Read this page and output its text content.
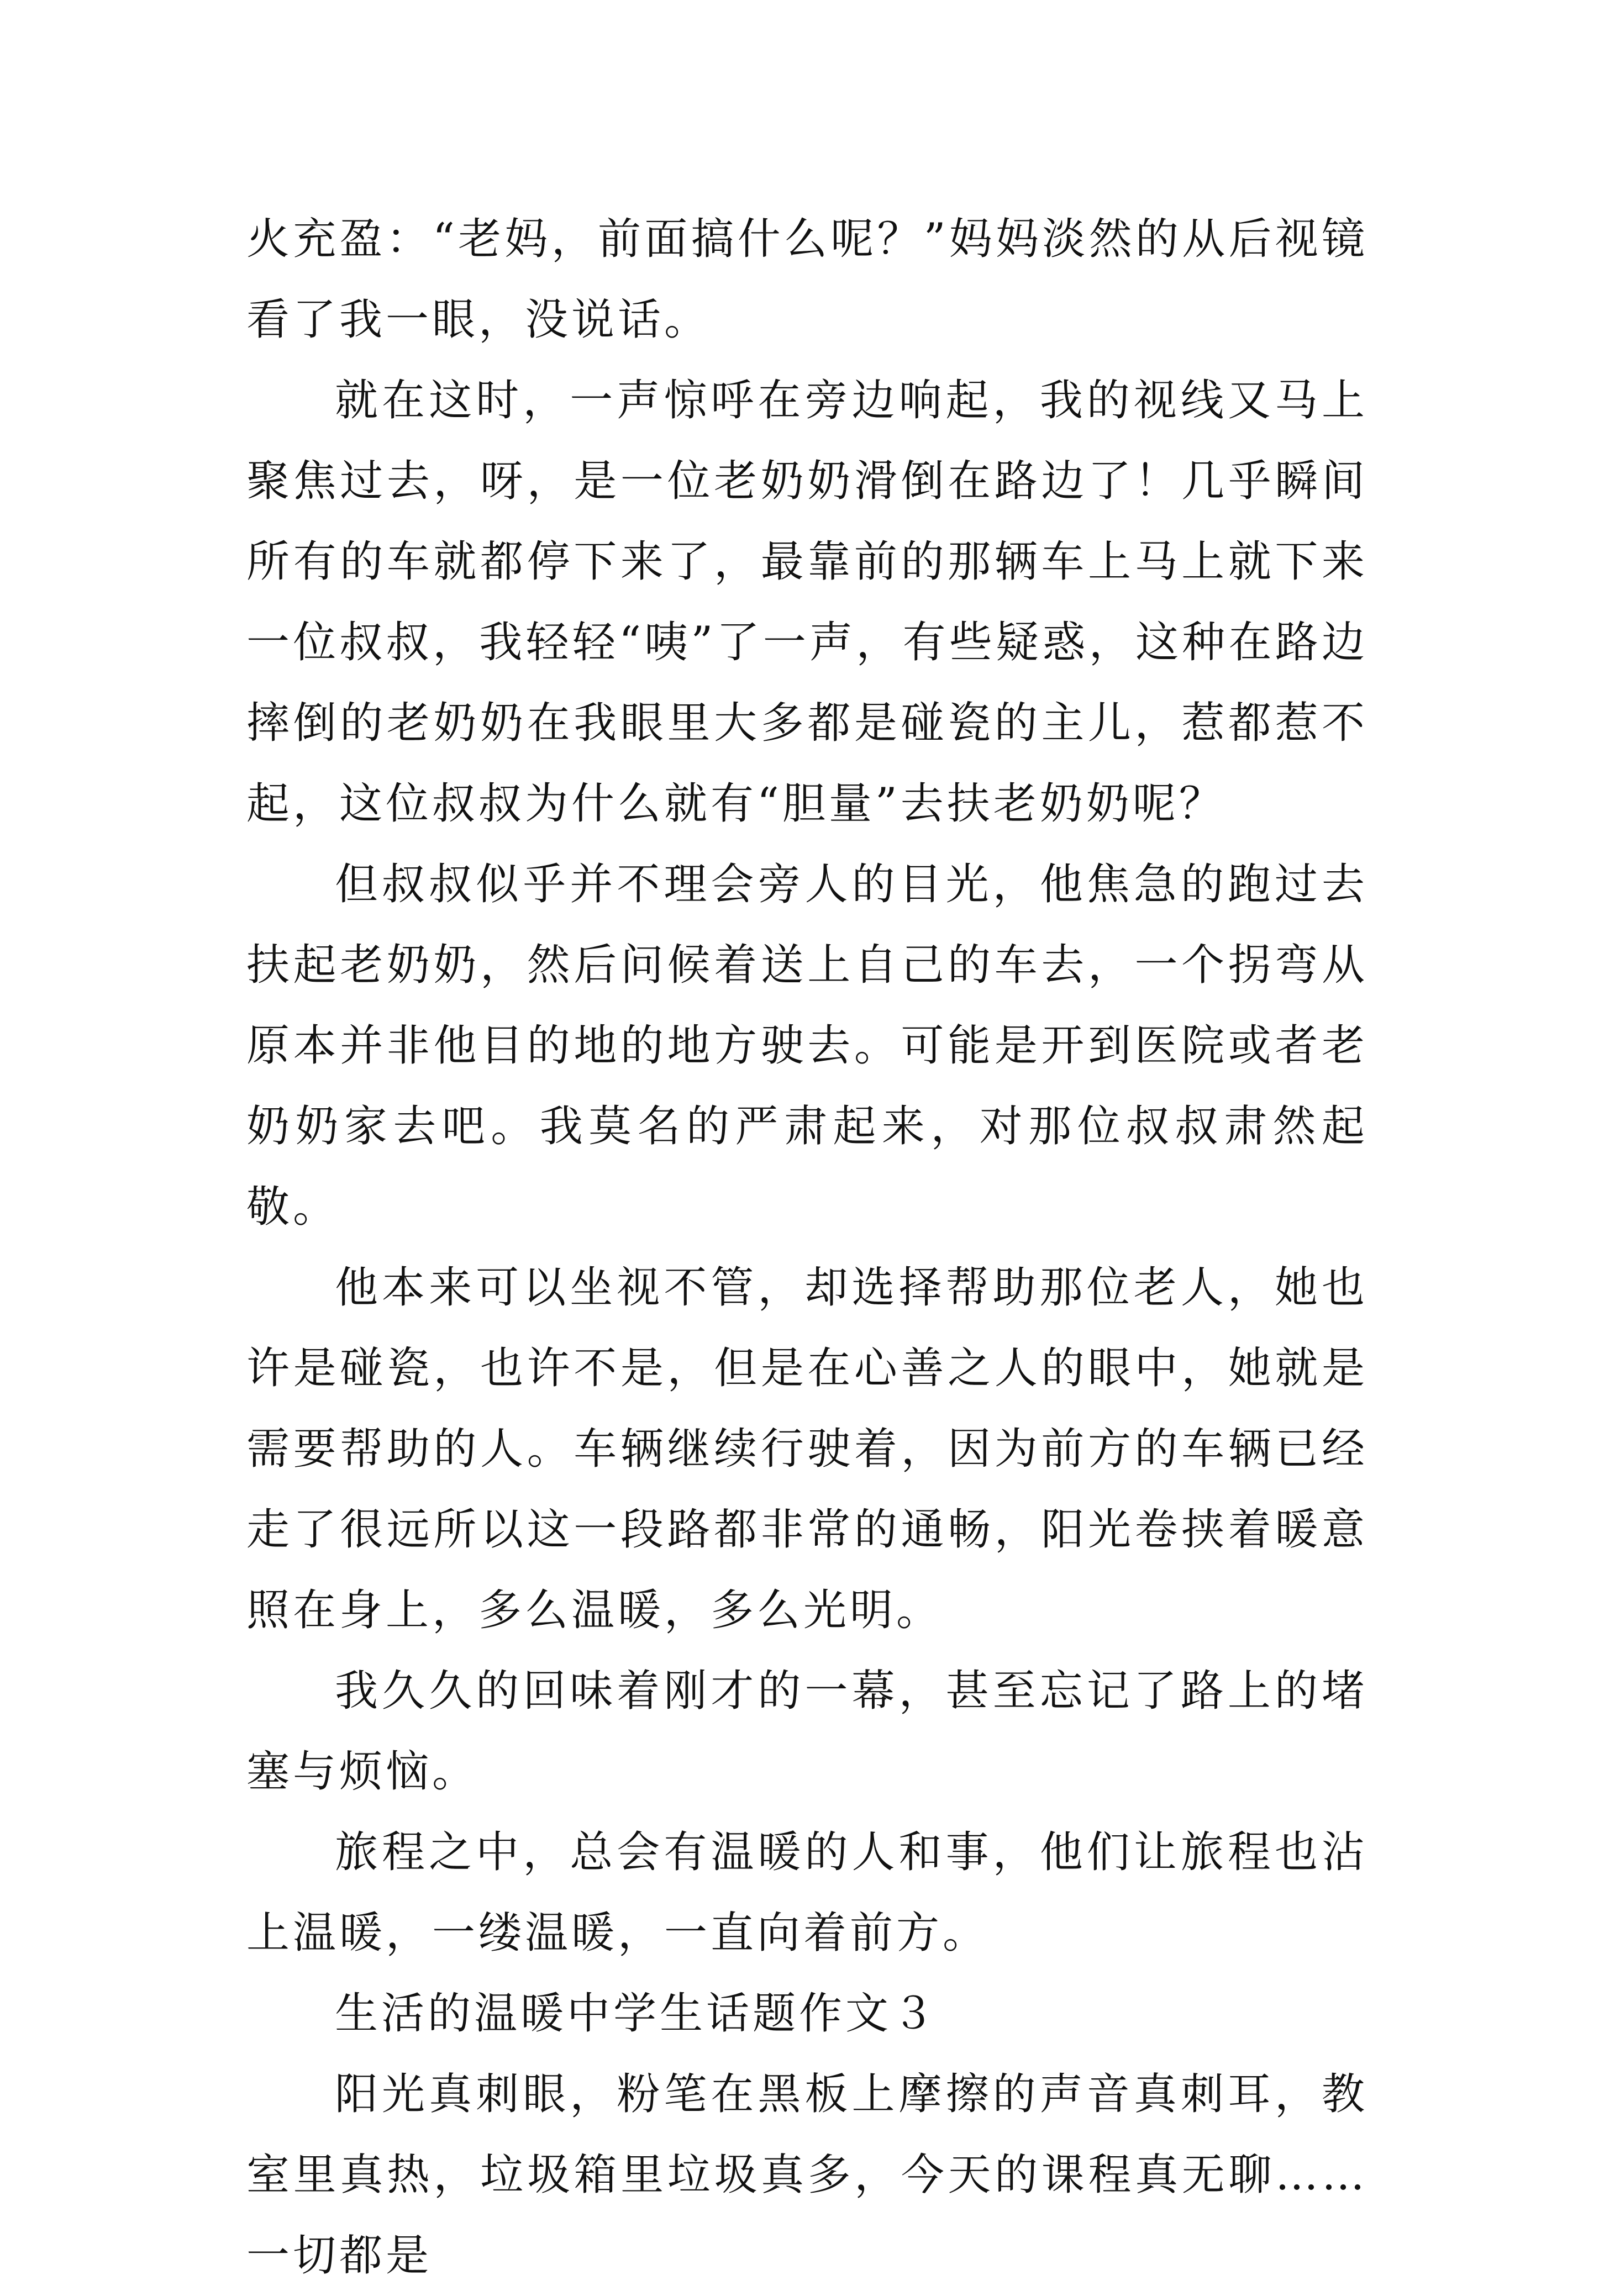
火充盈：“老妈，前面搞什么呢？”妈妈淡然的从后视镜看了我一眼，没说话。

就在这时，一声惊呼在旁边响起，我的视线又马上聚焦过去，呀，是一位老奶奶滑倒在路边了！几乎瞬间所有的车就都停下来了，最靠前的那辆车上马上就下来一位叔叔，我轻轻“咦”了一声，有些疑惑，这种在路边摔倒的老奶奶在我眼里大多都是碰瓷的主儿，惹都惹不起，这位叔叔为什么就有“胆量”去扶老奶奶呢？

但叔叔似乎并不理会旁人的目光，他焦急的跑过去扶起老奶奶，然后问候着送上自己的车去，一个拐弯从原本并非他目的地的地方驶去。可能是开到医院或者老奶奶家去吧。我莫名的严肃起来，对那位叔叔肃然起敬。

他本来可以坐视不管，却选择帮助那位老人，她也许是碰瓷，也许不是，但是在心善之人的眼中，她就是需要帮助的人。车辆继续行驶着，因为前方的车辆已经走了很远所以这一段路都非常的通畅，阳光卷挟着暖意照在身上，多么温暖，多么光明。

我久久的回味着刚才的一幕，甚至忘记了路上的堵塞与烦恼。

旅程之中，总会有温暖的人和事，他们让旅程也沾上温暖，一缕温暖，一直向着前方。

生活的温暖中学生话题作文３

阳光真刺眼，粉笔在黑板上摩擦的声音真刺耳，教室里真热，垃圾箱里垃圾真多，今天的课程真无聊……一切都是
